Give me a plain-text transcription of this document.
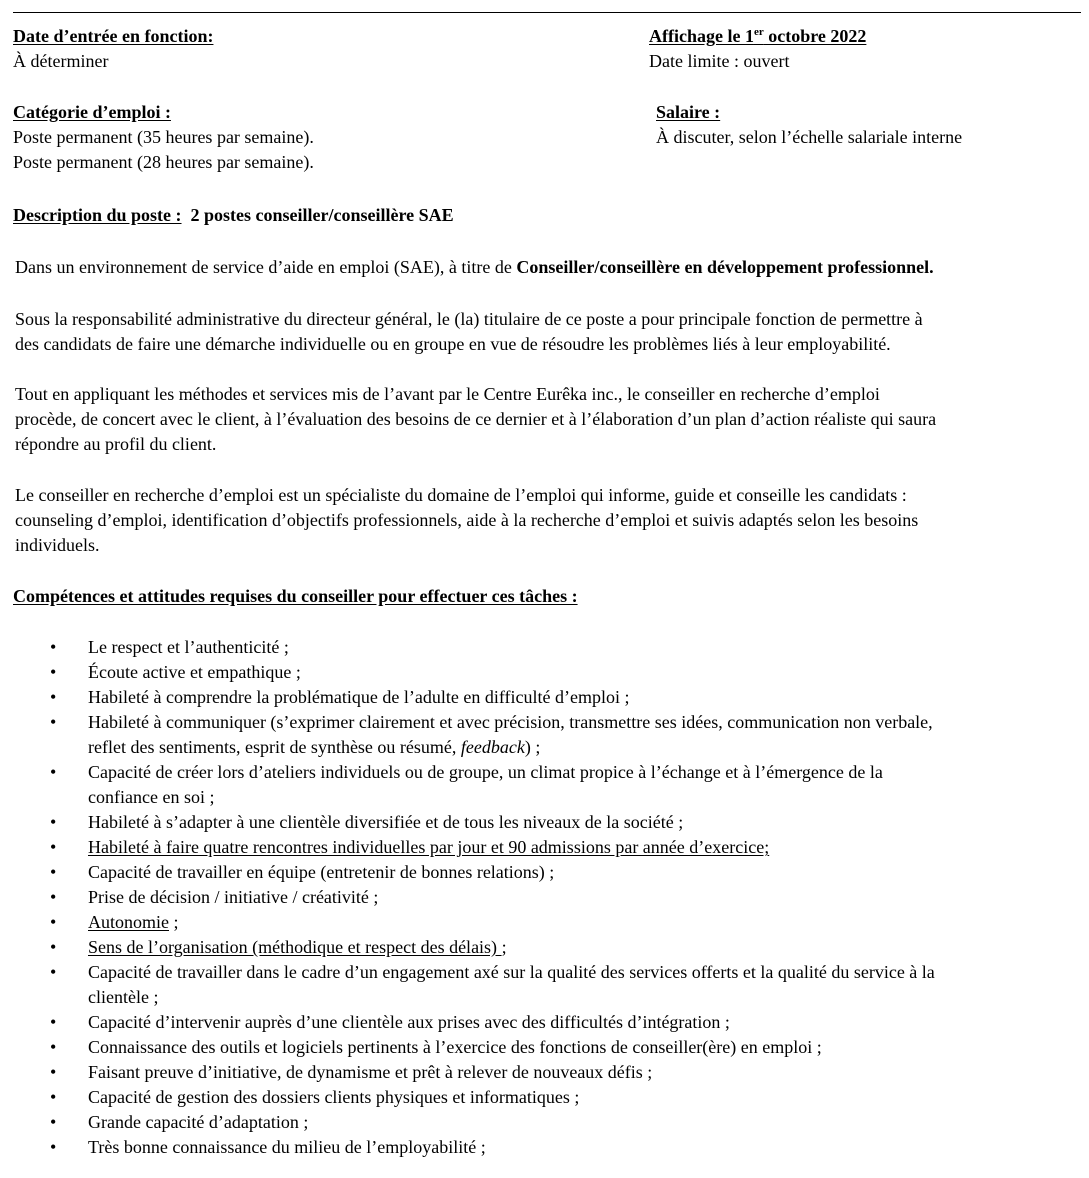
Date d’entrée en fonction:
À déterminer
Affichage le 1er octobre 2022
Date limite : ouvert
Catégorie d’emploi :
Poste permanent (35 heures par semaine).
Poste permanent (28 heures par semaine).
Salaire :
À discuter, selon l’échelle salariale interne
Description du poste : 2 postes conseiller/conseillère SAE
Dans un environnement de service d’aide en emploi (SAE), à titre de Conseiller/conseillère en développement professionnel.
Sous la responsabilité administrative du directeur général, le (la) titulaire de ce poste a pour principale fonction de permettre à
des candidats de faire une démarche individuelle ou en groupe en vue de résoudre les problèmes liés à leur employabilité.
Tout en appliquant les méthodes et services mis de l’avant par le Centre Eurêka inc., le conseiller en recherche d’emploi
procède, de concert avec le client, à l’évaluation des besoins de ce dernier et à l’élaboration d’un plan d’action réaliste qui saura
répondre au profil du client.
Le conseiller en recherche d’emploi est un spécialiste du domaine de l’emploi qui informe, guide et conseille les candidats :
counseling d’emploi, identification d’objectifs professionnels, aide à la recherche d’emploi et suivis adaptés selon les besoins
individuels.
Compétences et attitudes requises du conseiller pour effectuer ces tâches :
• Le respect et l’authenticité ;
• Écoute active et empathique ;
• Habileté à comprendre la problématique de l’adulte en difficulté d’emploi ;
• Habileté à communiquer (s’exprimer clairement et avec précision, transmettre ses idées, communication non verbale,
reflet des sentiments, esprit de synthèse ou résumé, feedback) ;
• Capacité de créer lors d’ateliers individuels ou de groupe, un climat propice à l’échange et à l’émergence de la
confiance en soi ;
• Habileté à s’adapter à une clientèle diversifiée et de tous les niveaux de la société ;
• Habileté à faire quatre rencontres individuelles par jour et 90 admissions par année d’exercice;
• Capacité de travailler en équipe (entretenir de bonnes relations) ;
• Prise de décision / initiative / créativité ;
• Autonomie ;
• Sens de l’organisation (méthodique et respect des délais) ;
• Capacité de travailler dans le cadre d’un engagement axé sur la qualité des services offerts et la qualité du service à la
clientèle ;
• Capacité d’intervenir auprès d’une clientèle aux prises avec des difficultés d’intégration ;
• Connaissance des outils et logiciels pertinents à l’exercice des fonctions de conseiller(ère) en emploi ;
• Faisant preuve d’initiative, de dynamisme et prêt à relever de nouveaux défis ;
• Capacité de gestion des dossiers clients physiques et informatiques ;
• Grande capacité d’adaptation ;
• Très bonne connaissance du milieu de l’employabilité ;
